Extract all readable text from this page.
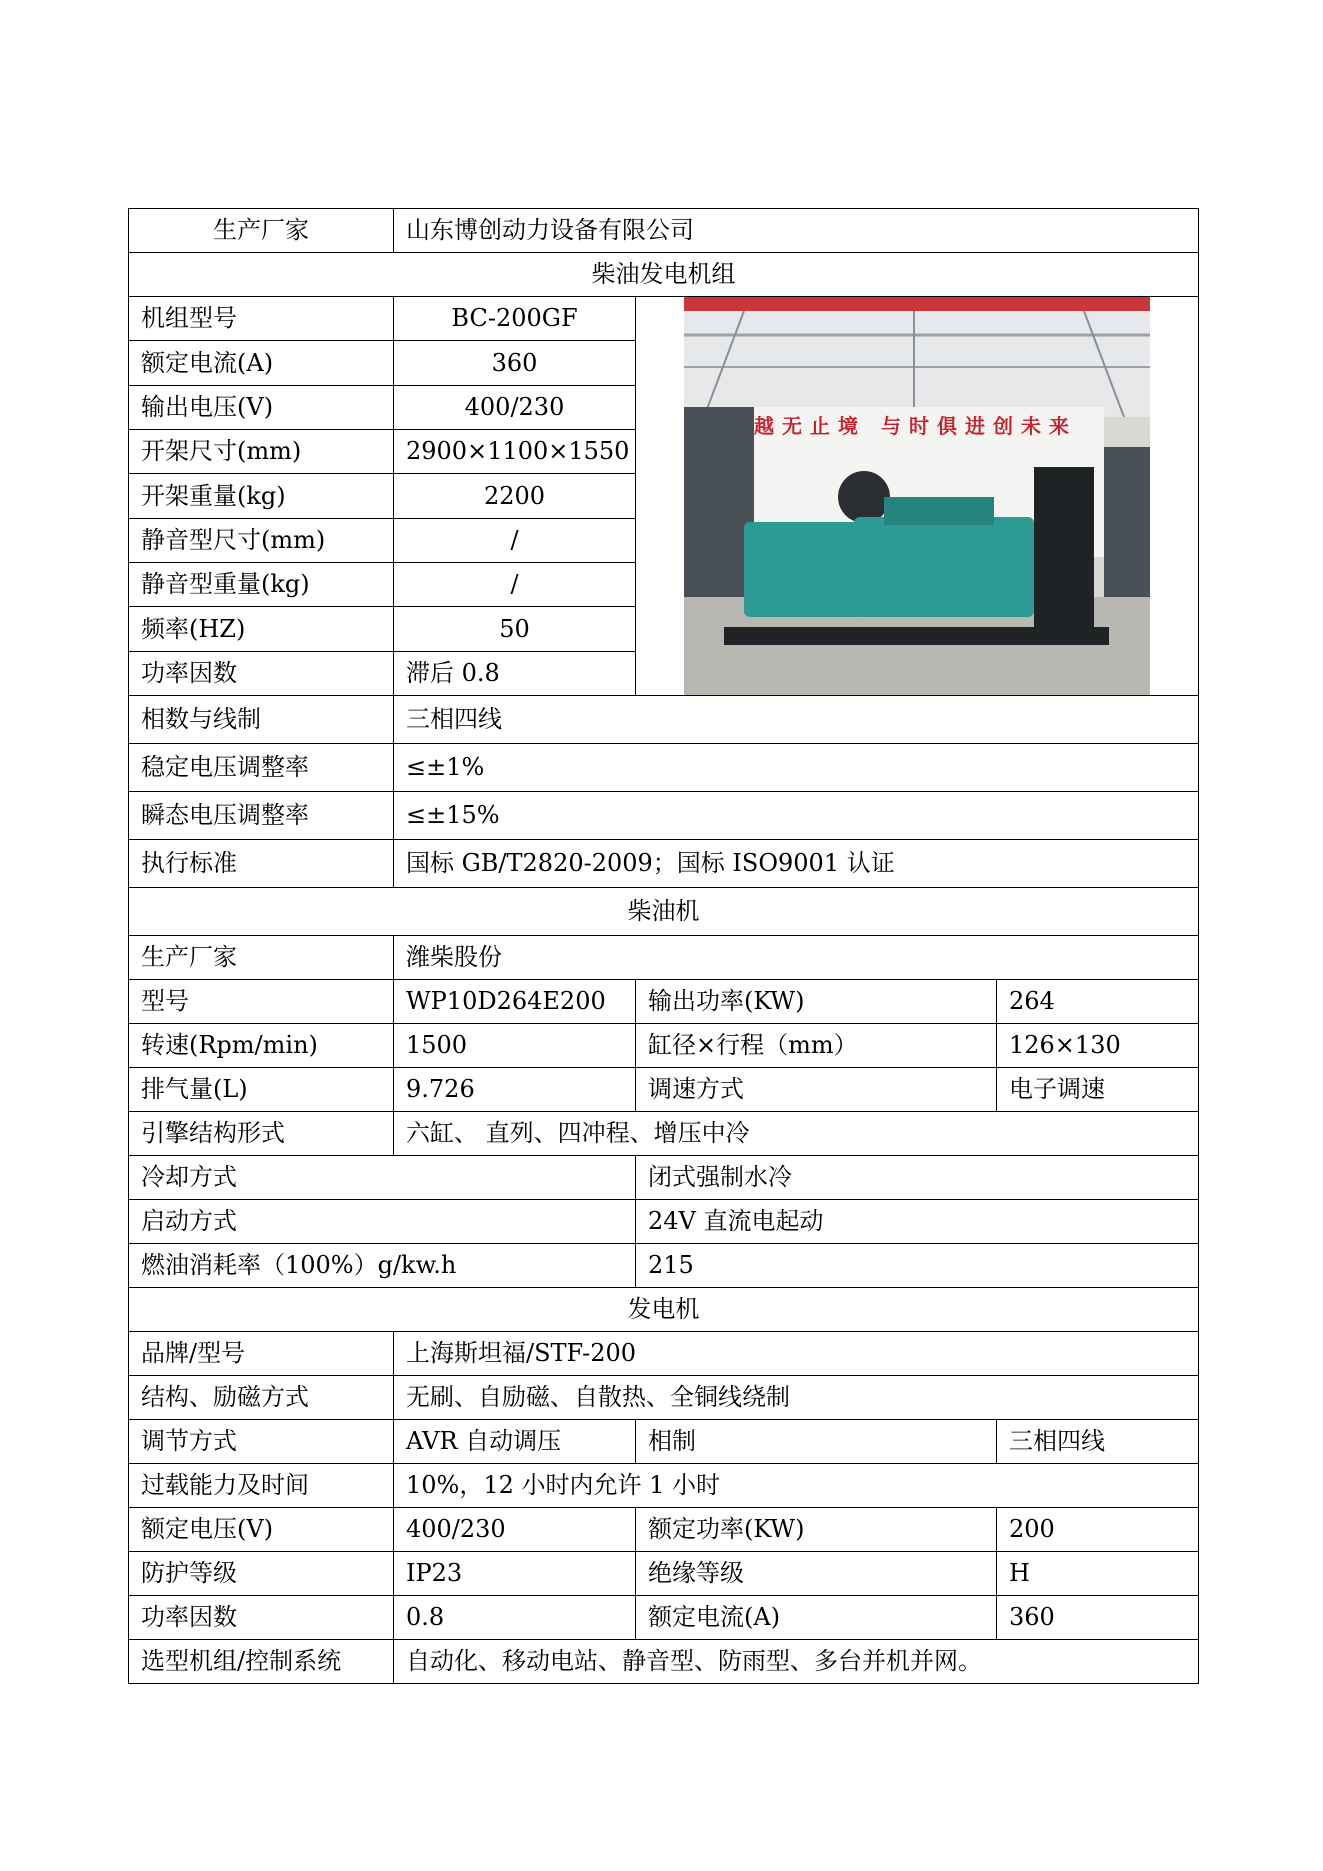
生产厂家	山东博创动力设备有限公司		
柴油发电机组			
机组型号	BC-200GF	越无止境 与时俱进创未来	

额定电流(A)	360		
输出电压(V)	400/230		
开架尺寸(mm)	2900×1100×1550		
开架重量(kg)	2200		
静音型尺寸(mm)	/		
静音型重量(kg)	/		
频率(HZ)	50		
功率因数	滞后 0.8		
相数与线制	三相四线		
稳定电压调整率	≤±1%		
瞬态电压调整率	≤±15%		
执行标准	国标 GB/T2820-2009；国标 ISO9001 认证		
柴油机			
生产厂家	潍柴股份		
型号	WP10D264E200	输出功率(KW)	264
转速(Rpm/min)	1500	缸径×行程（mm）	126×130
排气量(L)	9.726	调速方式	电子调速
引擎结构形式	六缸、 直列、四冲程、增压中冷		
冷却方式		闭式强制水冷	
启动方式		24V 直流电起动	
燃油消耗率（100%）g/kw.h		215	
发电机			
品牌/型号	上海斯坦福/STF-200		
结构、励磁方式	无刷、自励磁、自散热、全铜线绕制		
调节方式	AVR 自动调压	相制	三相四线
过载能力及时间	10%，12 小时内允许 1 小时		
额定电压(V)	400/230	额定功率(KW)	200
防护等级	IP23	绝缘等级	H
功率因数	0.8	额定电流(A)	360
选型机组/控制系统	自动化、移动电站、静音型、防雨型、多台并机并网。		
